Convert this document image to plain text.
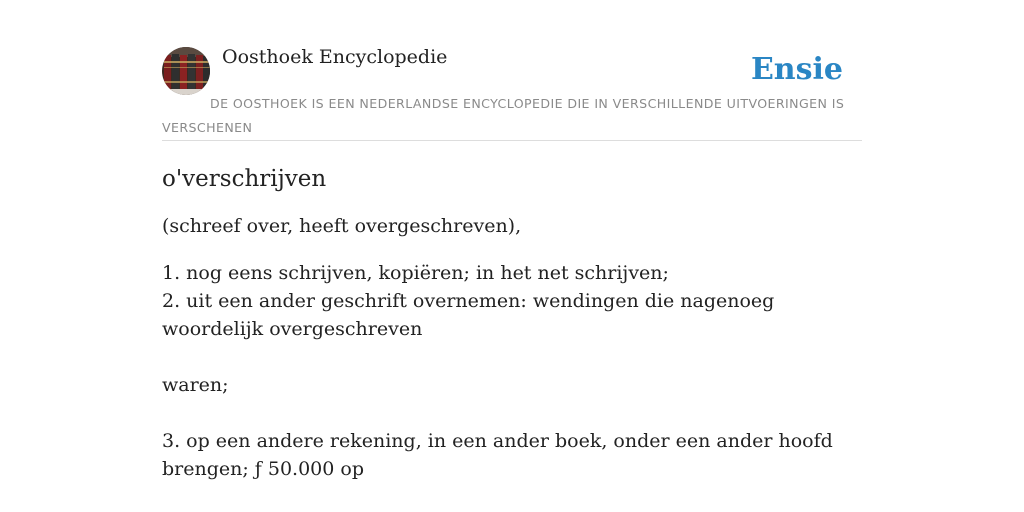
Oosthoek Encyclopedie	Ensie
DE OOSTHOEK IS EEN NEDERLANDSE ENCYCLOPEDIE DIE IN VERSCHILLENDE UITVOERINGEN IS VERSCHENEN
o'verschrijven

(schreef over, heeft overgeschreven),

1. nog eens schrijven, kopiëren; in het net schrijven;
2. uit een ander geschrift overnemen: wendingen die nagenoeg woordelijk overgeschreven
waren;
3. op een andere rekening, in een ander boek, onder een ander hoofd brengen; ƒ 50.000 op
